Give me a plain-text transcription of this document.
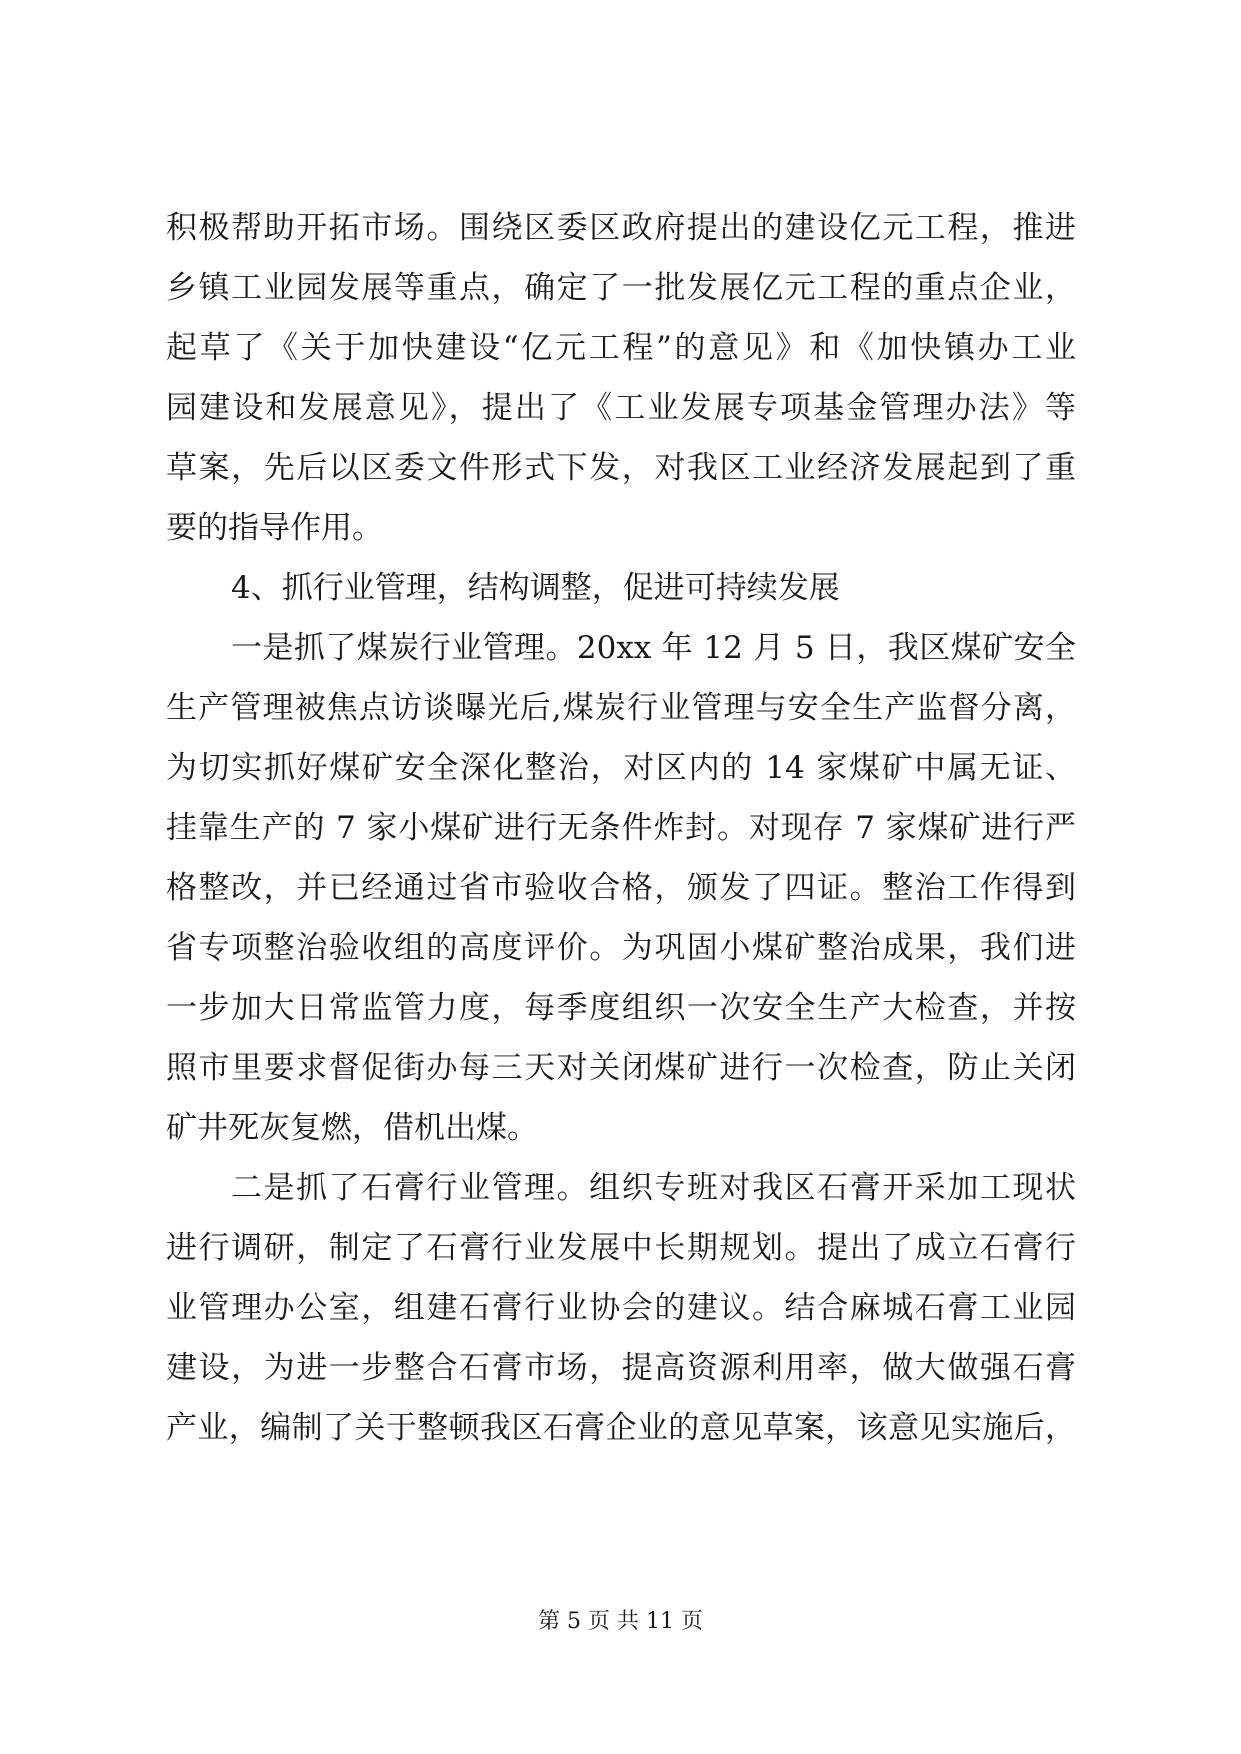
积极帮助开拓市场。围绕区委区政府提出的建设亿元工程，推进
乡镇工业园发展等重点，确定了一批发展亿元工程的重点企业，
起草了《关于加快建设“亿元工程”的意见》和《加快镇办工业
园建设和发展意见》，提出了《工业发展专项基金管理办法》等
草案，先后以区委文件形式下发，对我区工业经济发展起到了重
要的指导作用。
4、抓行业管理，结构调整，促进可持续发展
一是抓了煤炭行业管理。20xx 年 12 月 5 日，我区煤矿安全
生产管理被焦点访谈曝光后,煤炭行业管理与安全生产监督分离，
为切实抓好煤矿安全深化整治，对区内的 14 家煤矿中属无证、
挂靠生产的 7 家小煤矿进行无条件炸封。对现存 7 家煤矿进行严
格整改，并已经通过省市验收合格，颁发了四证。整治工作得到
省专项整治验收组的高度评价。为巩固小煤矿整治成果，我们进
一步加大日常监管力度，每季度组织一次安全生产大检查，并按
照市里要求督促街办每三天对关闭煤矿进行一次检查，防止关闭
矿井死灰复燃，借机出煤。
二是抓了石膏行业管理。组织专班对我区石膏开采加工现状
进行调研，制定了石膏行业发展中长期规划。提出了成立石膏行
业管理办公室，组建石膏行业协会的建议。结合麻城石膏工业园
建设，为进一步整合石膏市场，提高资源利用率，做大做强石膏
产业，编制了关于整顿我区石膏企业的意见草案，该意见实施后，
第 5 页 共 11 页
